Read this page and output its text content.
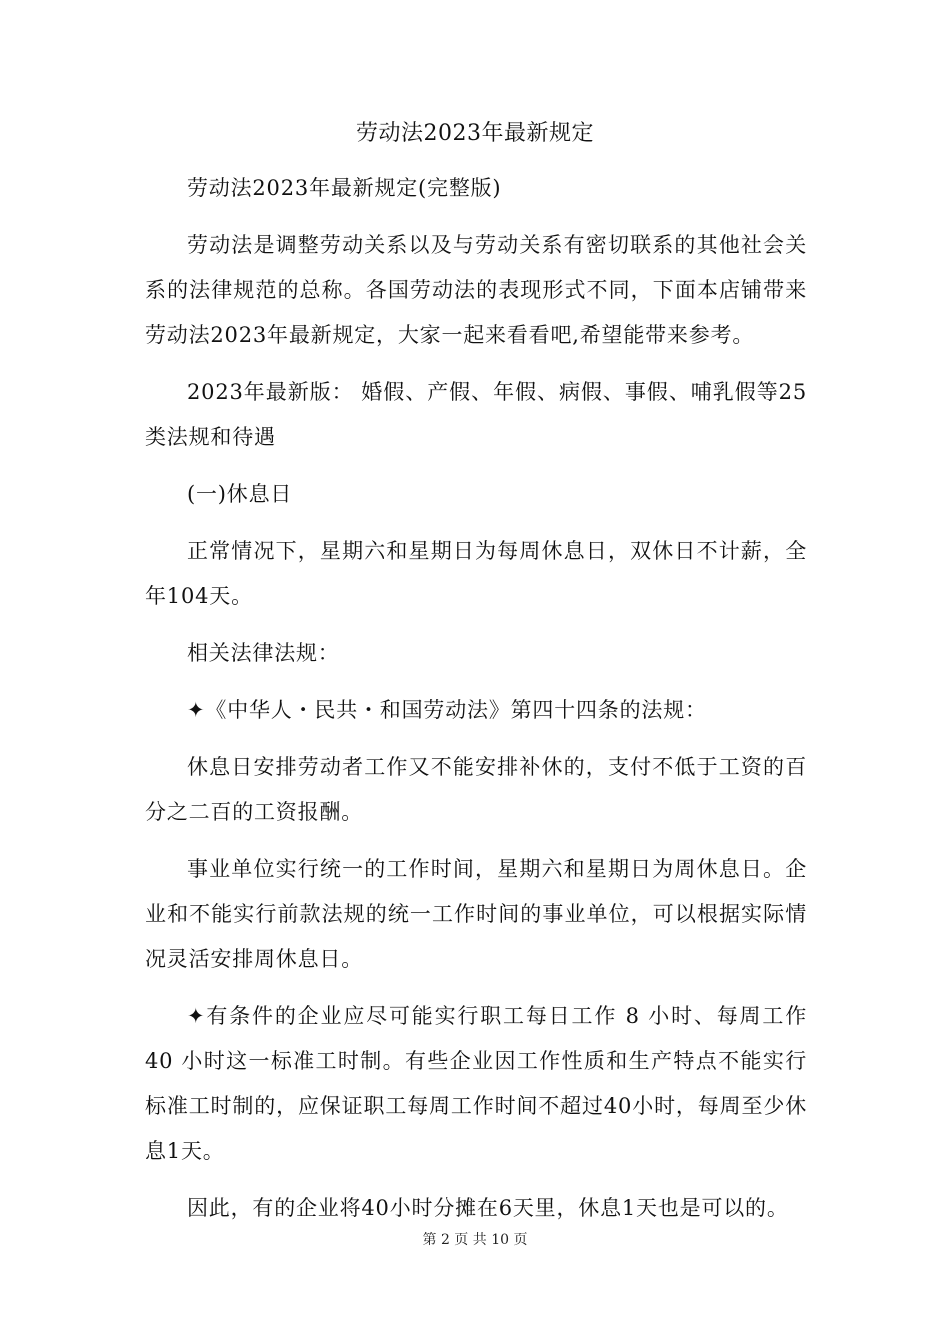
劳动法2023年最新规定

劳动法2023年最新规定(完整版)

劳动法是调整劳动关系以及与劳动关系有密切联系的其他社会关系的法律规范的总称。各国劳动法的表现形式不同，下面本店铺带来劳动法2023年最新规定，大家一起来看看吧,希望能带来参考。

2023年最新版： 婚假、产假、年假、病假、事假、哺乳假等25类法规和待遇

(一)休息日

正常情况下，星期六和星期日为每周休息日，双休日不计薪，全年104天。

相关法律法规：

✦《中华人・民共・和国劳动法》第四十四条的法规：

休息日安排劳动者工作又不能安排补休的，支付不低于工资的百分之二百的工资报酬。

事业单位实行统一的工作时间，星期六和星期日为周休息日。企业和不能实行前款法规的统一工作时间的事业单位，可以根据实际情况灵活安排周休息日。

✦有条件的企业应尽可能实行职工每日工作 8 小时、每周工作 40 小时这一标准工时制。有些企业因工作性质和生产特点不能实行标准工时制的，应保证职工每周工作时间不超过40小时，每周至少休息1天。

因此，有的企业将40小时分摊在6天里，休息1天也是可以的。

第 2 页 共 10 页
